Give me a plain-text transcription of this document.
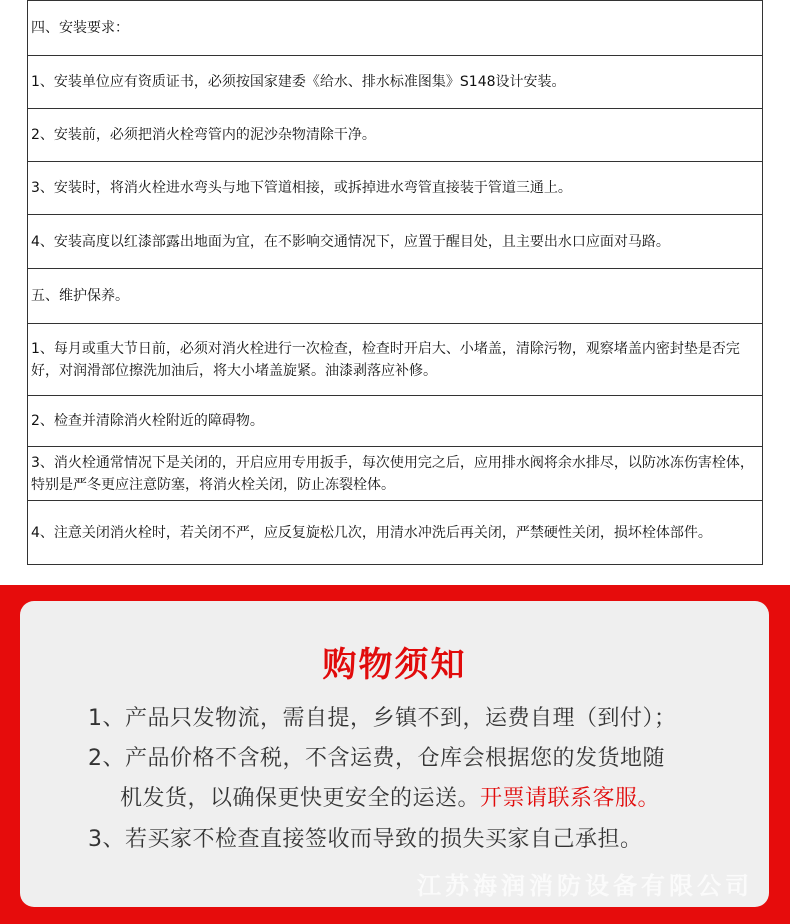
四、安装要求：
1、安装单位应有资质证书，必须按国家建委《给水、排水标准图集》S148设计安装。
2、安装前，必须把消火栓弯管内的泥沙杂物清除干净。
3、安装时，将消火栓进水弯头与地下管道相接，或拆掉进水弯管直接装于管道三通上。
4、安装高度以红漆部露出地面为宜，在不影响交通情况下，应置于醒目处，且主要出水口应面对马路。
五、维护保养。
1、每月或重大节日前，必须对消火栓进行一次检查，检查时开启大、小堵盖，清除污物，观察堵盖内密封垫是否完好，对润滑部位擦洗加油后，将大小堵盖旋紧。油漆剥落应补修。
2、检查并清除消火栓附近的障碍物。
3、消火栓通常情况下是关闭的，开启应用专用扳手，每次使用完之后，应用排水阀将余水排尽，以防冰冻伤害栓体，特别是严冬更应注意防塞，将消火栓关闭，防止冻裂栓体。
4、注意关闭消火栓时，若关闭不严，应反复旋松几次，用清水冲洗后再关闭，严禁硬性关闭，损坏栓体部件。
购物须知
1、产品只发物流，需自提，乡镇不到，运费自理（到付）；
2、产品价格不含税，不含运费，仓库会根据您的发货地随
机发货，以确保更快更安全的运送。开票请联系客服。
3、若买家不检查直接签收而导致的损失买家自己承担。
江苏海润消防设备有限公司
